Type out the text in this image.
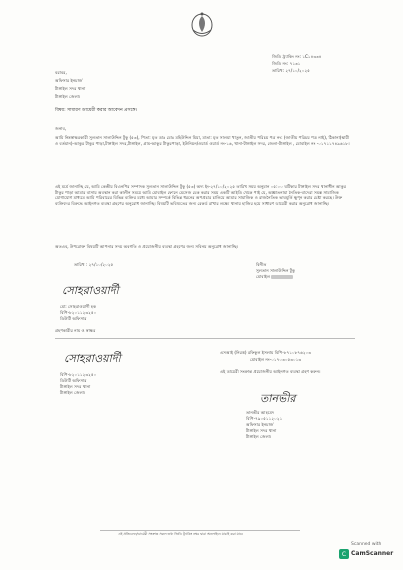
জিডি ট্র্যাকিং নং: ১C১৪৩৩৪
জিডি নং: ৭১৩১
তারিখ: ২৭/১০/২০২৫
বরাবর,
অফিসার ইনচার্জ
টাঙ্গাইল সদর থানা
টাঙ্গাইল জেলা।
বিষয়: সাধারণ ডায়েরী করার আবেদন প্রসঙ্গে।
জনাব,
আমি নিম্নস্বাক্ষরকারী সুলতান সালাউদ্দিন টুকু (৫৩), পিতা: মৃত ডাঃ মোঃ মহিউদ্দিন মিয়া, মাতা: মৃত সালমা খাতুন, জাতীয় পরিচয় পত্র নং: (জাতীয় পরিচয় পত্র নাই), ঠিকানা(স্থায়ী ও বর্তমান)-আকুর টাকুর পাড়া,টাঙ্গাইল সদর,টাঙ্গাইল, গ্রাম-আকুর টাকুরপাড়া, ইউনিয়ন/ওয়ার্ড ওয়ার্ড নং-১৬, থানা-টাঙ্গাইল সদর, জেলা-টাঙ্গাইল , মোবাইল নং -০১৭১১৭৪৯৬১৮।
এই মর্মে জানাচ্ছি যে, আমি কেন্দ্রীয় বিএনপির সম্পাদক সুলতান সালাউদ্দিন টুকু (৫৩) অদ্য ইং-২৭/১০/২০২৫ তারিখ সময় অনুমান ০৫:০০ ঘটিকার টাঙ্গাইল সদর থানাধীন আকুর টাকুর পাড়া আমার বাসায় অবস্থান করা কালীন সময়ে আমি মোবাইল ফোনে মেসেজ চেক করার সময় একটি আইডি থেকে পাই যে, অজ্ঞাতনামা নৈতিক-বাদেরা সমস্ত সামাজিক যোগাযোগ মাধ্যমে আমি পরিবারের বিভিন্ন ব্যক্তির মধ্যে আমার সম্পর্কে বিভিন্ন ধরনের অপপ্রচার চালিয়ে আমার সামাজিক ও রাজনৈতিক ভাবমূর্তি ক্ষুণ্ন করার চেষ্টা করছে। উক্ত ব্যক্তিদের বিরুদ্ধে আইনগত ব্যবস্থা গ্রহণের অনুরোধ জানাচ্ছি। বিষয়টি ভবিষ্যতের জন্য রেকর্ড রাখার লক্ষ্যে থানায় হাজির হয়ে সাধারণ ডায়েরী করার অনুরোধ জানাচ্ছি।
অতএব, উপরোক্ত বিষয়টি আপনার সদয় অবগতি ও প্রয়োজনীয় ব্যবস্থা গ্রহণের জন্য সবিনয় অনুরোধ জানাচ্ছি।
তারিখ : ২৭/১০/২০২৫	বিনীত
সুলতান সালাউদ্দিন টুকু
মোবাইল
সোহরাওয়ার্দী
মো: সোহরাওয়ার্দী হক
বিপি-৮২০১১২৩২৫০
ডিউটি অফিসার
গ্রহণকারীর নাম ও স্বাক্ষর
সোহরাওয়ার্দী
বিপি-৮২০১১২৩২৫০
ডিউটি অফিসার
টাঙ্গাইল সদর থানা
টাঙ্গাইল জেলা।
এসআই (নিরস্ত্র) রফিকুল ইসলাম বিপি-৮৭১০৮৭৬২০৩
মোবাইল নং-০১৭০৩০৫৩০১৩
এই ডায়েরী সংক্রান্ত প্রয়োজনীয় আইনগত ব্যবস্থা গ্রহণ করুন।
তানভীর
তানভীর আহমেদ
বিপি-৭৯০৫১১২০২১
অফিসার ইনচার্জ
টাঙ্গাইল সদর থানা
টাঙ্গাইল জেলা।
এই প্রতিবেদন/ডায়েরী সংক্রান্ত সকল তথ্য জিডি ট্র্যাকিং নম্বর দ্বারা অনলাইনে যাচাই করা যাবে
Scanned with
C CamScanner
